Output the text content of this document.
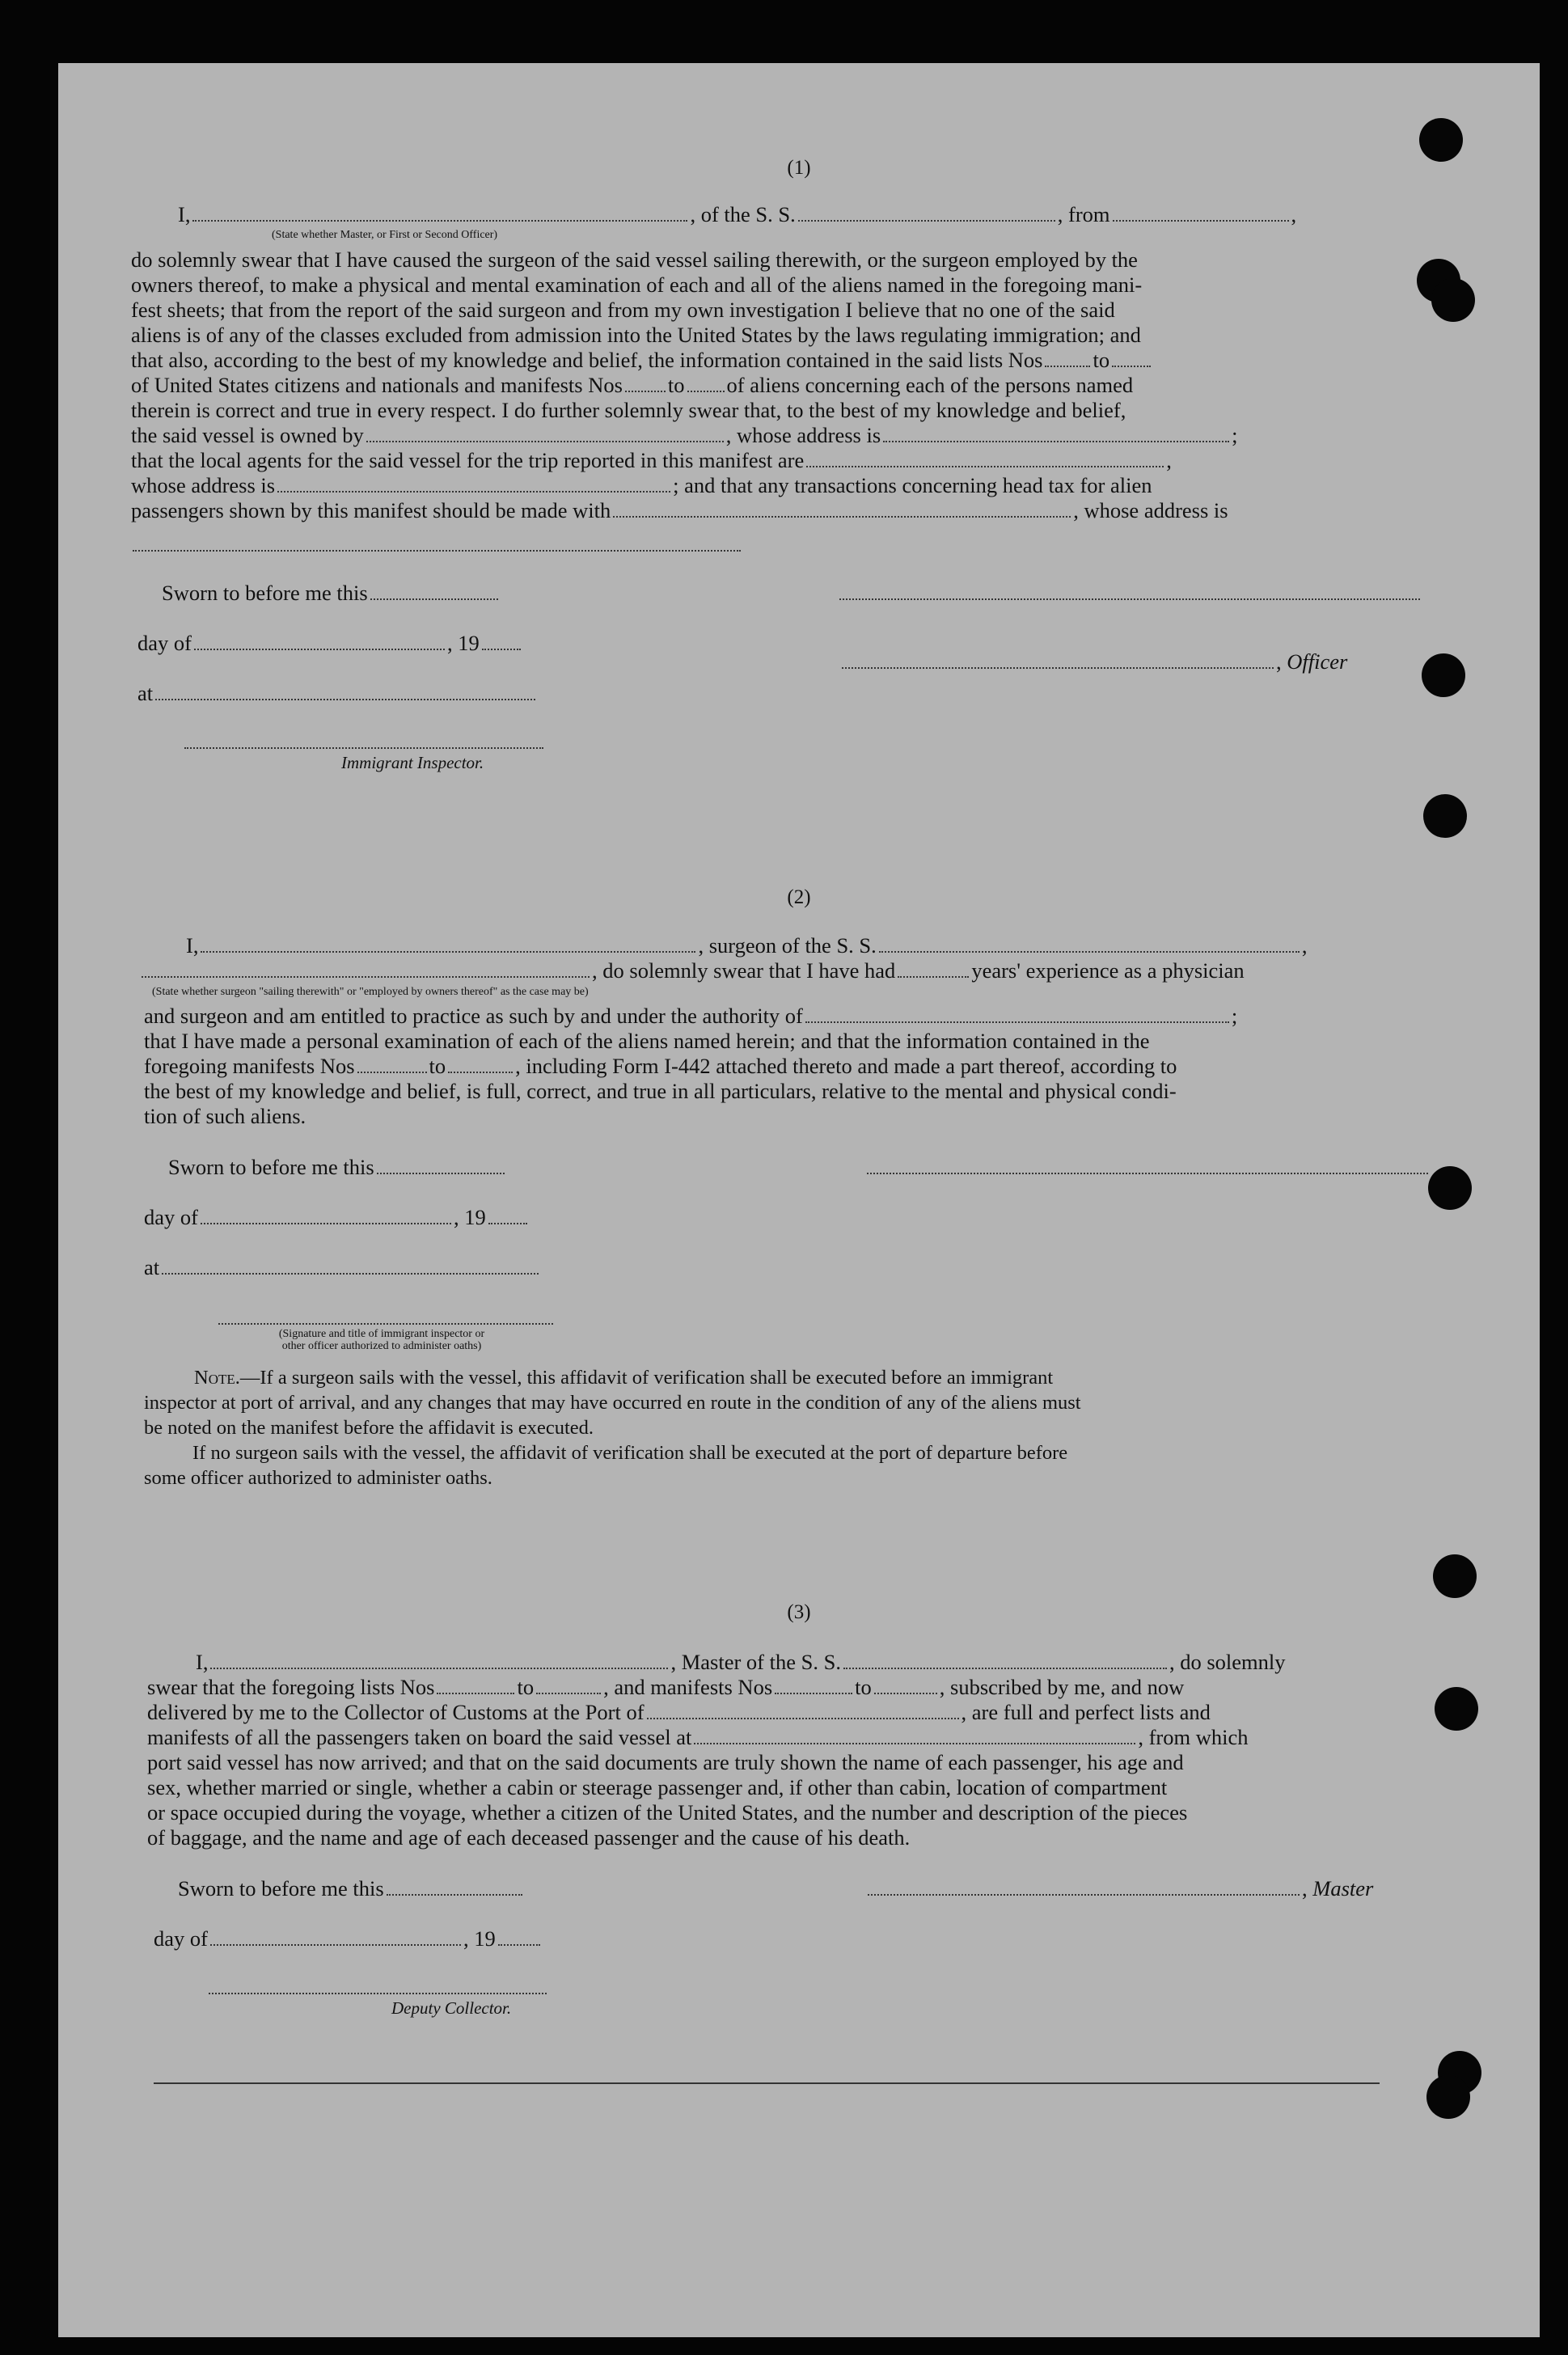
(1)
I,	, of the S. S.	, from	,
(State whether Master, or First or Second Officer)
do solemnly swear that I have caused the surgeon of the said vessel sailing therewith, or the surgeon employed by the
owners thereof, to make a physical and mental examination of each and all of the aliens named in the foregoing mani-
fest sheets; that from the report of the said surgeon and from my own investigation I believe that no one of the said
aliens is of any of the classes excluded from admission into the United States by the laws regulating immigration; and
that also, according to the best of my knowledge and belief, the information contained in the said lists Nos to
of United States citizens and nationals and manifests Nos to of aliens concerning each of the persons named
therein is correct and true in every respect. I do further solemnly swear that, to the best of my knowledge and belief,
the said vessel is owned by	, whose address is	;
that the local agents for the said vessel for the trip reported in this manifest are	,
whose address is	; and that any transactions concerning head tax for alien
passengers shown by this manifest should be made with	, whose address is
Sworn to before me this
day of	, 19
, Officer
at
Immigrant Inspector.
(2)
I,	, surgeon of the S. S.	,
, do solemnly swear that I have had	years' experience as a physician
(State whether surgeon "sailing therewith" or "employed by owners thereof" as the case may be)
and surgeon and am entitled to practice as such by and under the authority of	;
that I have made a personal examination of each of the aliens named herein; and that the information contained in the
foregoing manifests Nos	to	, including Form I-442 attached thereto and made a part thereof, according to
the best of my knowledge and belief, is full, correct, and true in all particulars, relative to the mental and physical condi-
tion of such aliens.
Sworn to before me this
day of	, 19
at
(Signature and title of immigrant inspector or
other officer authorized to administer oaths)
Note.—If a surgeon sails with the vessel, this affidavit of verification shall be executed before an immigrant
inspector at port of arrival, and any changes that may have occurred en route in the condition of any of the aliens must
be noted on the manifest before the affidavit is executed.
If no surgeon sails with the vessel, the affidavit of verification shall be executed at the port of departure before
some officer authorized to administer oaths.
(3)
I,	, Master of the S. S.	, do solemnly
swear that the foregoing lists Nos	to	, and manifests Nos	to	, subscribed by me, and now
delivered by me to the Collector of Customs at the Port of	, are full and perfect lists and
manifests of all the passengers taken on board the said vessel at	, from which
port said vessel has now arrived; and that on the said documents are truly shown the name of each passenger, his age and
sex, whether married or single, whether a cabin or steerage passenger and, if other than cabin, location of compartment
or space occupied during the voyage, whether a citizen of the United States, and the number and description of the pieces
of baggage, and the name and age of each deceased passenger and the cause of his death.
Sworn to before me this	, Master
day of	, 19
Deputy Collector.
